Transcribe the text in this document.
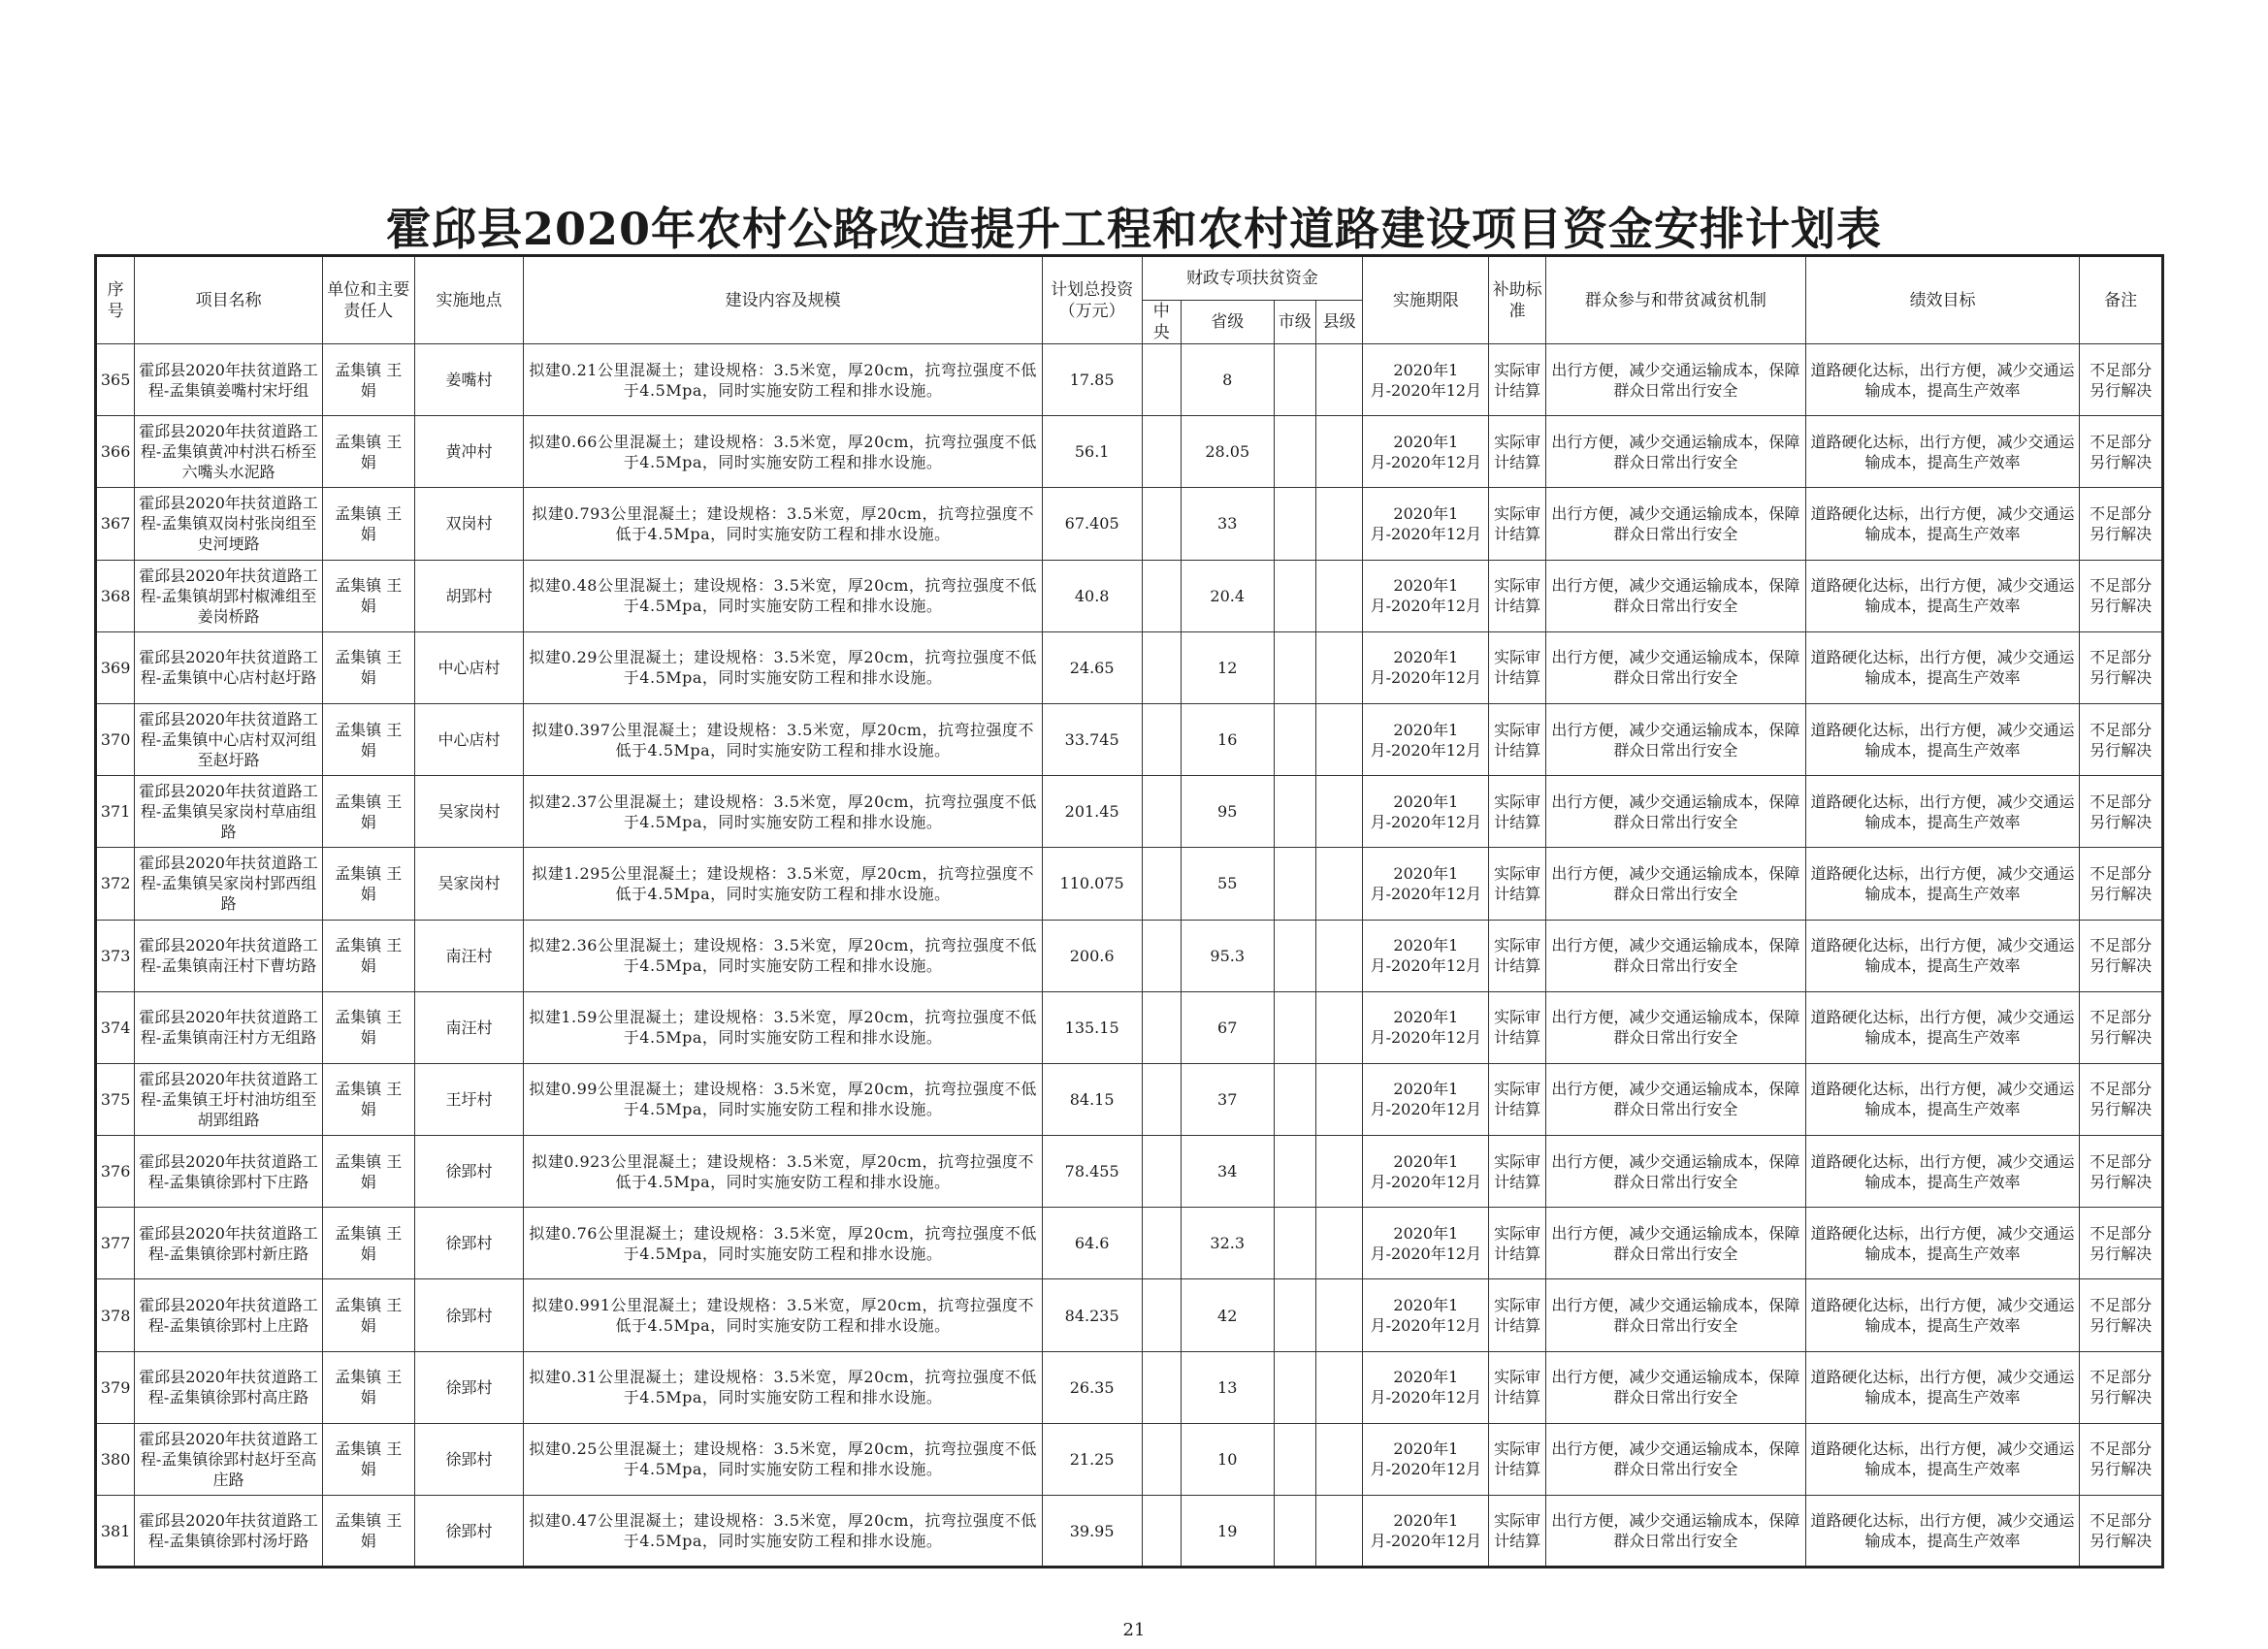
霍邱县2020年农村公路改造提升工程和农村道路建设项目资金安排计划表
序号	项目名称	单位和主要责任人	实施地点	建设内容及规模	计划总投资（万元）	财政专项扶贫资金				实施期限	补助标准	群众参与和带贫减贫机制	绩效目标	备注
						中央	省级	市级	县级					
365	霍邱县2020年扶贫道路工程-孟集镇姜嘴村宋圩组	孟集镇 王 娟	姜嘴村	拟建0.21公里混凝土；建设规格：3.5米宽，厚20cm，抗弯拉强度不低于4.5Mpa，同时实施安防工程和排水设施。	17.85		8			2020年1月-2020年12月	实际审计结算	出行方便，减少交通运输成本，保障群众日常出行安全	道路硬化达标，出行方便，减少交通运输成本，提高生产效率	不足部分另行解决
366	霍邱县2020年扶贫道路工程-孟集镇黄冲村洪石桥至六嘴头水泥路	孟集镇 王 娟	黄冲村	拟建0.66公里混凝土；建设规格：3.5米宽，厚20cm，抗弯拉强度不低于4.5Mpa，同时实施安防工程和排水设施。	56.1		28.05			2020年1月-2020年12月	实际审计结算	出行方便，减少交通运输成本，保障群众日常出行安全	道路硬化达标，出行方便，减少交通运输成本，提高生产效率	不足部分另行解决
367	霍邱县2020年扶贫道路工程-孟集镇双岗村张岗组至史河埂路	孟集镇 王 娟	双岗村	拟建0.793公里混凝土；建设规格：3.5米宽，厚20cm，抗弯拉强度不低于4.5Mpa，同时实施安防工程和排水设施。	67.405		33			2020年1月-2020年12月	实际审计结算	出行方便，减少交通运输成本，保障群众日常出行安全	道路硬化达标，出行方便，减少交通运输成本，提高生产效率	不足部分另行解决
368	霍邱县2020年扶贫道路工程-孟集镇胡郢村椒滩组至姜岗桥路	孟集镇 王 娟	胡郢村	拟建0.48公里混凝土；建设规格：3.5米宽，厚20cm，抗弯拉强度不低于4.5Mpa，同时实施安防工程和排水设施。	40.8		20.4			2020年1月-2020年12月	实际审计结算	出行方便，减少交通运输成本，保障群众日常出行安全	道路硬化达标，出行方便，减少交通运输成本，提高生产效率	不足部分另行解决
369	霍邱县2020年扶贫道路工程-孟集镇中心店村赵圩路	孟集镇 王 娟	中心店村	拟建0.29公里混凝土；建设规格：3.5米宽，厚20cm，抗弯拉强度不低于4.5Mpa，同时实施安防工程和排水设施。	24.65		12			2020年1月-2020年12月	实际审计结算	出行方便，减少交通运输成本，保障群众日常出行安全	道路硬化达标，出行方便，减少交通运输成本，提高生产效率	不足部分另行解决
370	霍邱县2020年扶贫道路工程-孟集镇中心店村双河组至赵圩路	孟集镇 王 娟	中心店村	拟建0.397公里混凝土；建设规格：3.5米宽，厚20cm，抗弯拉强度不低于4.5Mpa，同时实施安防工程和排水设施。	33.745		16			2020年1月-2020年12月	实际审计结算	出行方便，减少交通运输成本，保障群众日常出行安全	道路硬化达标，出行方便，减少交通运输成本，提高生产效率	不足部分另行解决
371	霍邱县2020年扶贫道路工程-孟集镇吴家岗村草庙组路	孟集镇 王 娟	吴家岗村	拟建2.37公里混凝土；建设规格：3.5米宽，厚20cm，抗弯拉强度不低于4.5Mpa，同时实施安防工程和排水设施。	201.45		95			2020年1月-2020年12月	实际审计结算	出行方便，减少交通运输成本，保障群众日常出行安全	道路硬化达标，出行方便，减少交通运输成本，提高生产效率	不足部分另行解决
372	霍邱县2020年扶贫道路工程-孟集镇吴家岗村郢西组路	孟集镇 王 娟	吴家岗村	拟建1.295公里混凝土；建设规格：3.5米宽，厚20cm，抗弯拉强度不低于4.5Mpa，同时实施安防工程和排水设施。	110.075		55			2020年1月-2020年12月	实际审计结算	出行方便，减少交通运输成本，保障群众日常出行安全	道路硬化达标，出行方便，减少交通运输成本，提高生产效率	不足部分另行解决
373	霍邱县2020年扶贫道路工程-孟集镇南汪村下曹坊路	孟集镇 王 娟	南汪村	拟建2.36公里混凝土；建设规格：3.5米宽，厚20cm，抗弯拉强度不低于4.5Mpa，同时实施安防工程和排水设施。	200.6		95.3			2020年1月-2020年12月	实际审计结算	出行方便，减少交通运输成本，保障群众日常出行安全	道路硬化达标，出行方便，减少交通运输成本，提高生产效率	不足部分另行解决
374	霍邱县2020年扶贫道路工程-孟集镇南汪村方无组路	孟集镇 王 娟	南汪村	拟建1.59公里混凝土；建设规格：3.5米宽，厚20cm，抗弯拉强度不低于4.5Mpa，同时实施安防工程和排水设施。	135.15		67			2020年1月-2020年12月	实际审计结算	出行方便，减少交通运输成本，保障群众日常出行安全	道路硬化达标，出行方便，减少交通运输成本，提高生产效率	不足部分另行解决
375	霍邱县2020年扶贫道路工程-孟集镇王圩村油坊组至胡郢组路	孟集镇 王 娟	王圩村	拟建0.99公里混凝土；建设规格：3.5米宽，厚20cm，抗弯拉强度不低于4.5Mpa，同时实施安防工程和排水设施。	84.15		37			2020年1月-2020年12月	实际审计结算	出行方便，减少交通运输成本，保障群众日常出行安全	道路硬化达标，出行方便，减少交通运输成本，提高生产效率	不足部分另行解决
376	霍邱县2020年扶贫道路工程-孟集镇徐郢村下庄路	孟集镇 王 娟	徐郢村	拟建0.923公里混凝土；建设规格：3.5米宽，厚20cm，抗弯拉强度不低于4.5Mpa，同时实施安防工程和排水设施。	78.455		34			2020年1月-2020年12月	实际审计结算	出行方便，减少交通运输成本，保障群众日常出行安全	道路硬化达标，出行方便，减少交通运输成本，提高生产效率	不足部分另行解决
377	霍邱县2020年扶贫道路工程-孟集镇徐郢村新庄路	孟集镇 王 娟	徐郢村	拟建0.76公里混凝土；建设规格：3.5米宽，厚20cm，抗弯拉强度不低于4.5Mpa，同时实施安防工程和排水设施。	64.6		32.3			2020年1月-2020年12月	实际审计结算	出行方便，减少交通运输成本，保障群众日常出行安全	道路硬化达标，出行方便，减少交通运输成本，提高生产效率	不足部分另行解决
378	霍邱县2020年扶贫道路工程-孟集镇徐郢村上庄路	孟集镇 王 娟	徐郢村	拟建0.991公里混凝土；建设规格：3.5米宽，厚20cm，抗弯拉强度不低于4.5Mpa，同时实施安防工程和排水设施。	84.235		42			2020年1月-2020年12月	实际审计结算	出行方便，减少交通运输成本，保障群众日常出行安全	道路硬化达标，出行方便，减少交通运输成本，提高生产效率	不足部分另行解决
379	霍邱县2020年扶贫道路工程-孟集镇徐郢村高庄路	孟集镇 王 娟	徐郢村	拟建0.31公里混凝土；建设规格：3.5米宽，厚20cm，抗弯拉强度不低于4.5Mpa，同时实施安防工程和排水设施。	26.35		13			2020年1月-2020年12月	实际审计结算	出行方便，减少交通运输成本，保障群众日常出行安全	道路硬化达标，出行方便，减少交通运输成本，提高生产效率	不足部分另行解决
380	霍邱县2020年扶贫道路工程-孟集镇徐郢村赵圩至高庄路	孟集镇 王 娟	徐郢村	拟建0.25公里混凝土；建设规格：3.5米宽，厚20cm，抗弯拉强度不低于4.5Mpa，同时实施安防工程和排水设施。	21.25		10			2020年1月-2020年12月	实际审计结算	出行方便，减少交通运输成本，保障群众日常出行安全	道路硬化达标，出行方便，减少交通运输成本，提高生产效率	不足部分另行解决
381	霍邱县2020年扶贫道路工程-孟集镇徐郢村汤圩路	孟集镇 王 娟	徐郢村	拟建0.47公里混凝土；建设规格：3.5米宽，厚20cm，抗弯拉强度不低于4.5Mpa，同时实施安防工程和排水设施。	39.95		19			2020年1月-2020年12月	实际审计结算	出行方便，减少交通运输成本，保障群众日常出行安全	道路硬化达标，出行方便，减少交通运输成本，提高生产效率	不足部分另行解决
21
